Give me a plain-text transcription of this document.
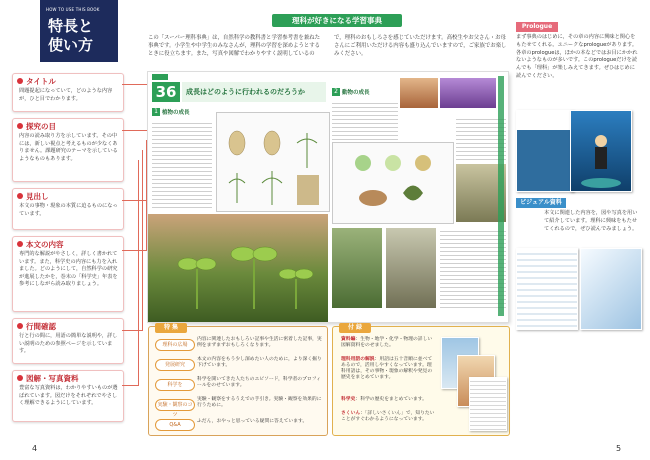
HOW TO USE THIS BOOK
特長と
使い方
理科が好きになる学習事典
この「スーパー理科事典」は，自然科学の教科書と学習参考書を兼ねた事典です。小学生や中学生のみなさんが，理科の学習を深めようとするときに役立ちます。また，写真や図解でわかりやすく説明しているので，理科のおもしろさを感じていただけます。高校生やお父さん・お母さんにご利用いただける内容も盛り込んでいますので，ご家族でお楽しみください。
タイトル
問題提起になっていて，どのような内容が，ひと目でわかります。
探究の目
内容の読み取り方を示しています。その中には，新しい視点と考えるものが少なくありません。課題研究のテーマを示しているようなものもあります。
見出し
本文の事物・現象の本質に迫るものになっています。
本文の内容
専門的な解説がやさしく，詳しく書かれています。また，科学史の内容にも力を入れました。どのようにして，自然科学の研究が進展したかを，巻末の「科学史」年表を参考にしながら読み取りましょう。
行間確認
行と行の間に，用語の簡単な説明や，詳しい説明のための参照ページを示しています。
図解・写真資料
豊富な写真資料は，わかりやすいものが選ばれています。図だけをそれぞれでやさしく理解できるようにしています。
36	成長はどのように行われるのだろうか
1 植物の成長
2 動物の成長
特 集
理科の広場
内容に関連したおもしろい記事や生活に密着した記事，実例をまずまずおもしろくなります。
発展研究
本文の内容をもう少し深めたい人のために，より深く掘り下げています。
科学を
科学を開いてきた人たちのエピソード，科学者のプロフィールをのせています。
実験・観察のコツ
実験・観察をするうえでの手引き。実験・観察を効果的に行うために。
Q&A
ふだん，おやっと思っている疑問に答えています。
付 録
資料編：生物・地学・化学・物理の詳しい図解資料をのせました。
理科用語の解説：用語は五十音順に並べてあるので，活用しやすくなっています。理科用語は，その事物・現象の解釈や発見の歴史をまとめています。
科学史：科学の歴史をまとめています。
さくいん：「詳しいさくいん」で，知りたいことがすぐわかるようになっています。
Prologue
まず事典のはじめに，その章の内容に興味と関心をもたせてくれる。ユニークなprologueがあります。各章のprologueは，ほかの本などではお目にかかれないようなものが多いです。このprologueだけを読んでも「理科」が楽しみえてきます。ぜひはじめに読んでください。
ビジュアル資料
本文に関連した内容を，図や写真を用いて紹介しています。理科に興味をもたせてくれるので，ぜひ読んでみましょう。
4	5
